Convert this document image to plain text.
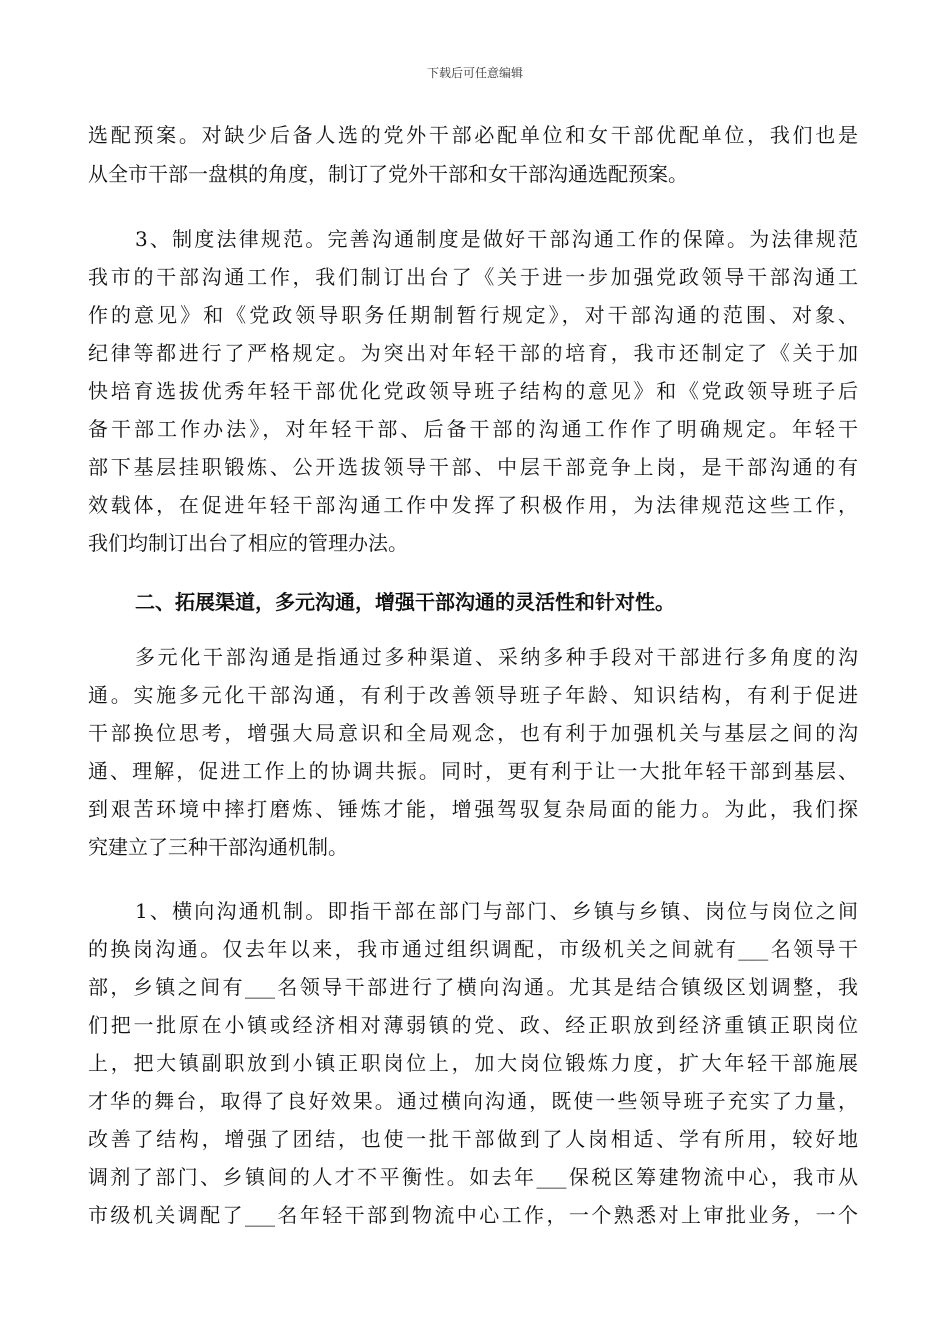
下载后可任意编辑
选配预案。对缺少后备人选的党外干部必配单位和女干部优配单位，我们也是
从全市干部一盘棋的角度，制订了党外干部和女干部沟通选配预案。
3、制度法律规范。完善沟通制度是做好干部沟通工作的保障。为法律规范
我市的干部沟通工作，我们制订出台了《关于进一步加强党政领导干部沟通工
作的意见》和《党政领导职务任期制暂行规定》，对干部沟通的范围、对象、
纪律等都进行了严格规定。为突出对年轻干部的培育，我市还制定了《关于加
快培育选拔优秀年轻干部优化党政领导班子结构的意见》和《党政领导班子后
备干部工作办法》，对年轻干部、后备干部的沟通工作作了明确规定。年轻干
部下基层挂职锻炼、公开选拔领导干部、中层干部竞争上岗，是干部沟通的有
效载体，在促进年轻干部沟通工作中发挥了积极作用，为法律规范这些工作，
我们均制订出台了相应的管理办法。
二、拓展渠道，多元沟通，增强干部沟通的灵活性和针对性。
多元化干部沟通是指通过多种渠道、采纳多种手段对干部进行多角度的沟
通。实施多元化干部沟通，有利于改善领导班子年龄、知识结构，有利于促进
干部换位思考，增强大局意识和全局观念，也有利于加强机关与基层之间的沟
通、理解，促进工作上的协调共振。同时，更有利于让一大批年轻干部到基层、
到艰苦环境中摔打磨炼、锤炼才能，增强驾驭复杂局面的能力。为此，我们探
究建立了三种干部沟通机制。
1、横向沟通机制。即指干部在部门与部门、乡镇与乡镇、岗位与岗位之间
的换岗沟通。仅去年以来，我市通过组织调配，市级机关之间就有___名领导干
部，乡镇之间有___名领导干部进行了横向沟通。尤其是结合镇级区划调整，我
们把一批原在小镇或经济相对薄弱镇的党、政、经正职放到经济重镇正职岗位
上，把大镇副职放到小镇正职岗位上，加大岗位锻炼力度，扩大年轻干部施展
才华的舞台，取得了良好效果。通过横向沟通，既使一些领导班子充实了力量，
改善了结构，增强了团结，也使一批干部做到了人岗相适、学有所用，较好地
调剂了部门、乡镇间的人才不平衡性。如去年___保税区筹建物流中心，我市从
市级机关调配了___名年轻干部到物流中心工作，一个熟悉对上审批业务，一个
